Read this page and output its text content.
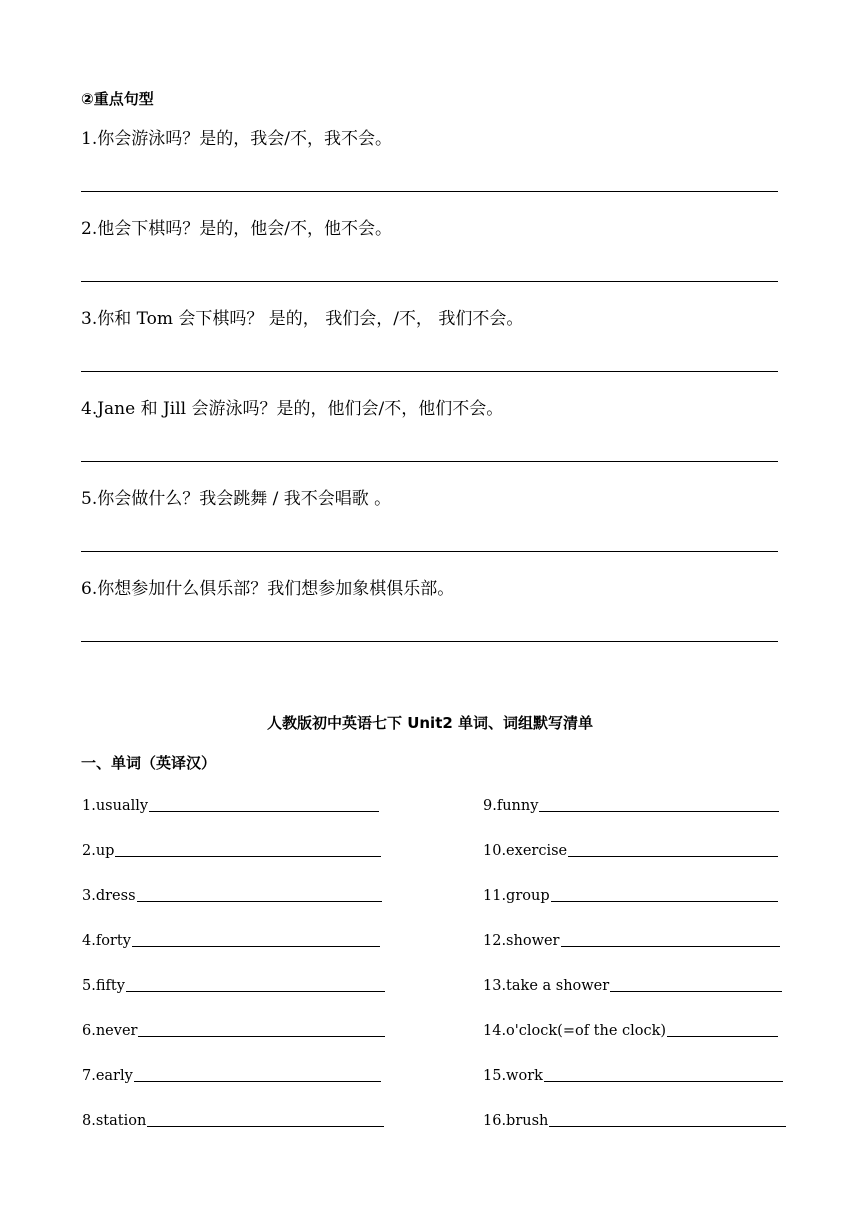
②重点句型
1.你会游泳吗？是的，我会/不，我不会。
2.他会下棋吗？是的，他会/不，他不会。
3.你和 Tom 会下棋吗？ 是的， 我们会，/不， 我们不会。
4.Jane 和 Jill 会游泳吗？是的，他们会/不，他们不会。
5.你会做什么？我会跳舞 / 我不会唱歌 。
6.你想参加什么俱乐部？我们想参加象棋俱乐部。
人教版初中英语七下 Unit2 单词、词组默写清单
一、单词（英译汉）
1.usually
2.up
3.dress
4.forty
5.fifty
6.never
7.early
8.station
9.funny
10.exercise
11.group
12.shower
13.take a shower
14.o'clock(=of the clock)
15.work
16.brush
